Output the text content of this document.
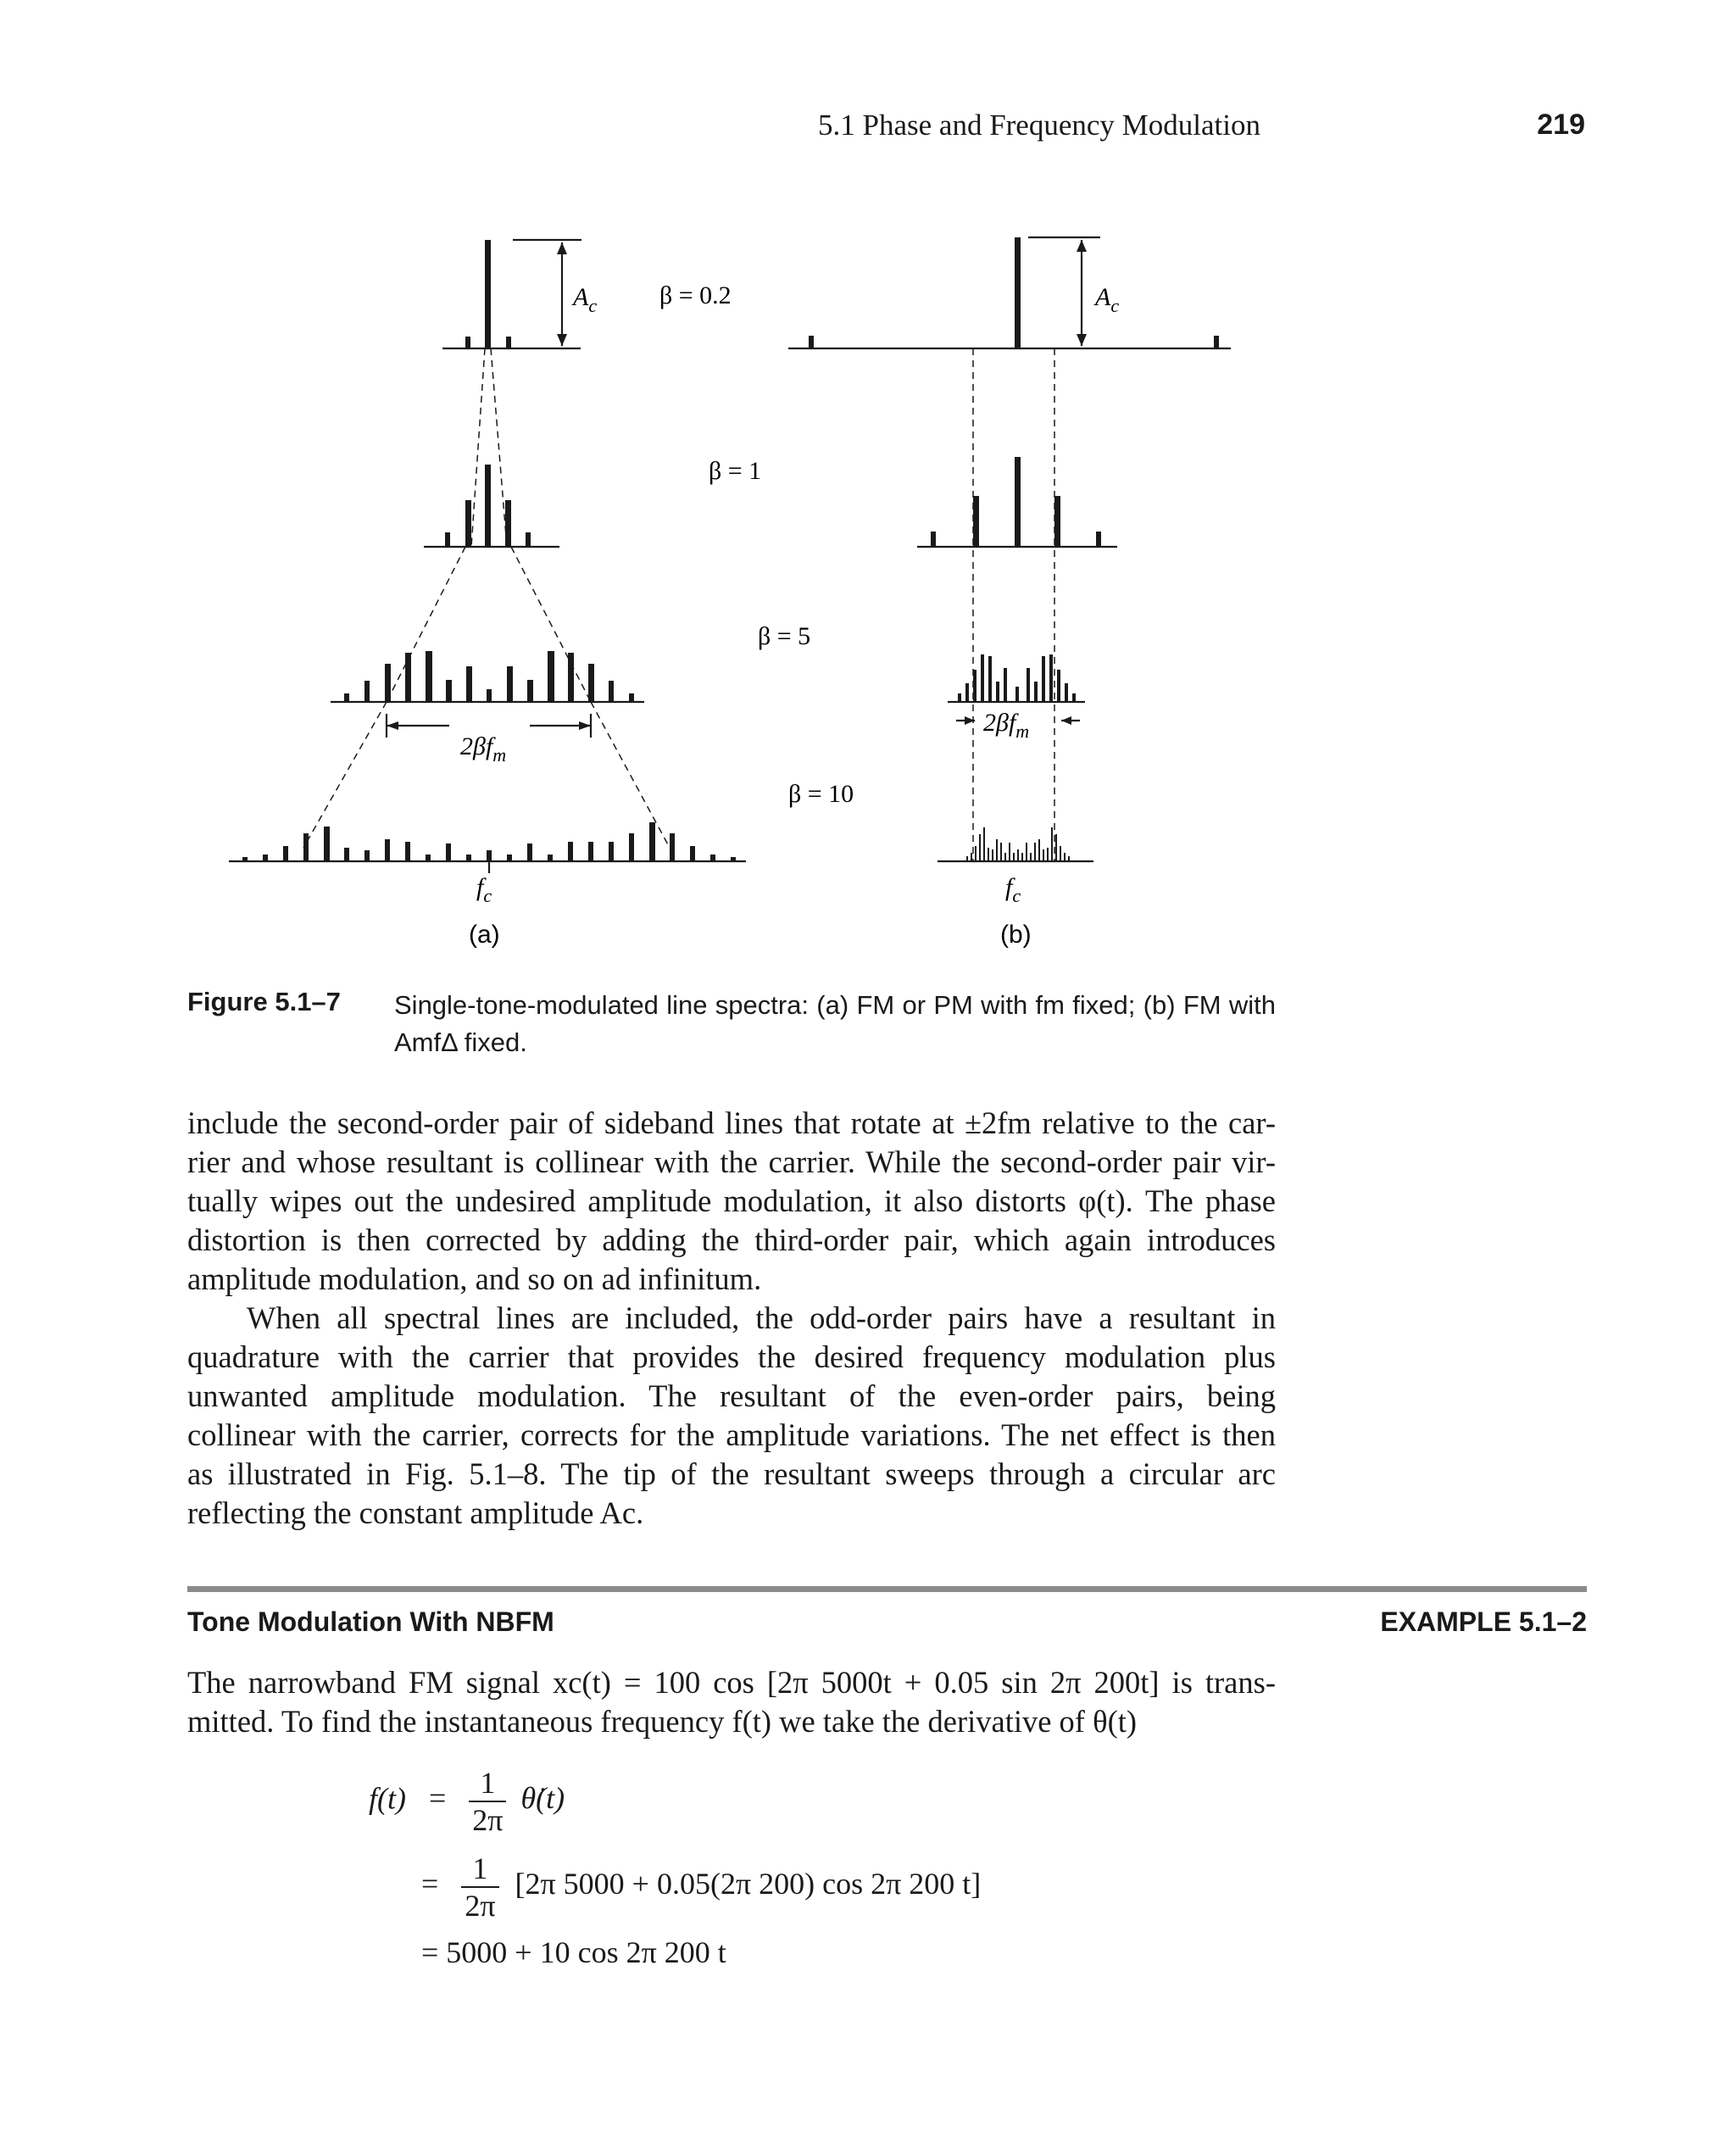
5.1 Phase and Frequency Modulation	219
$A_c$	$A_c$
β = 0.2
β = 1
β = 5
β = 10
$2\beta f_m$
$2\beta f_m$
$f_c$	$f_c$
(a)	(b)
Figure 5.1–7 Single-tone-modulated line spectra: (a) FM or PM with fm fixed; (b) FM with AmfΔ fixed.
include the second-order pair of sideband lines that rotate at ±2fm relative to the car-
rier and whose resultant is collinear with the carrier. While the second-order pair vir-
tually wipes out the undesired amplitude modulation, it also distorts φ(t). The phase
distortion is then corrected by adding the third-order pair, which again introduces
amplitude modulation, and so on ad infinitum.
When all spectral lines are included, the odd-order pairs have a resultant in
quadrature with the carrier that provides the desired frequency modulation plus
unwanted amplitude modulation. The resultant of the even-order pairs, being
collinear with the carrier, corrects for the amplitude variations. The net effect is then
as illustrated in Fig. 5.1–8. The tip of the resultant sweeps through a circular arc
reflecting the constant amplitude Ac.
Tone Modulation With NBFM	EXAMPLE 5.1–2
The narrowband FM signal xc(t) = 100 cos [2π 5000t + 0.05 sin 2π 200t] is trans-
mitted. To find the instantaneous frequency f(t) we take the derivative of θ(t)
$f(t) = \frac{1}{2\pi}$ θ̇(t)
= $\frac{1}{2\pi} [2\pi$ 5000 + 0.05(2π 200) cos 2π 200 t]
= 5000 + 10 cos 2π 200 t
